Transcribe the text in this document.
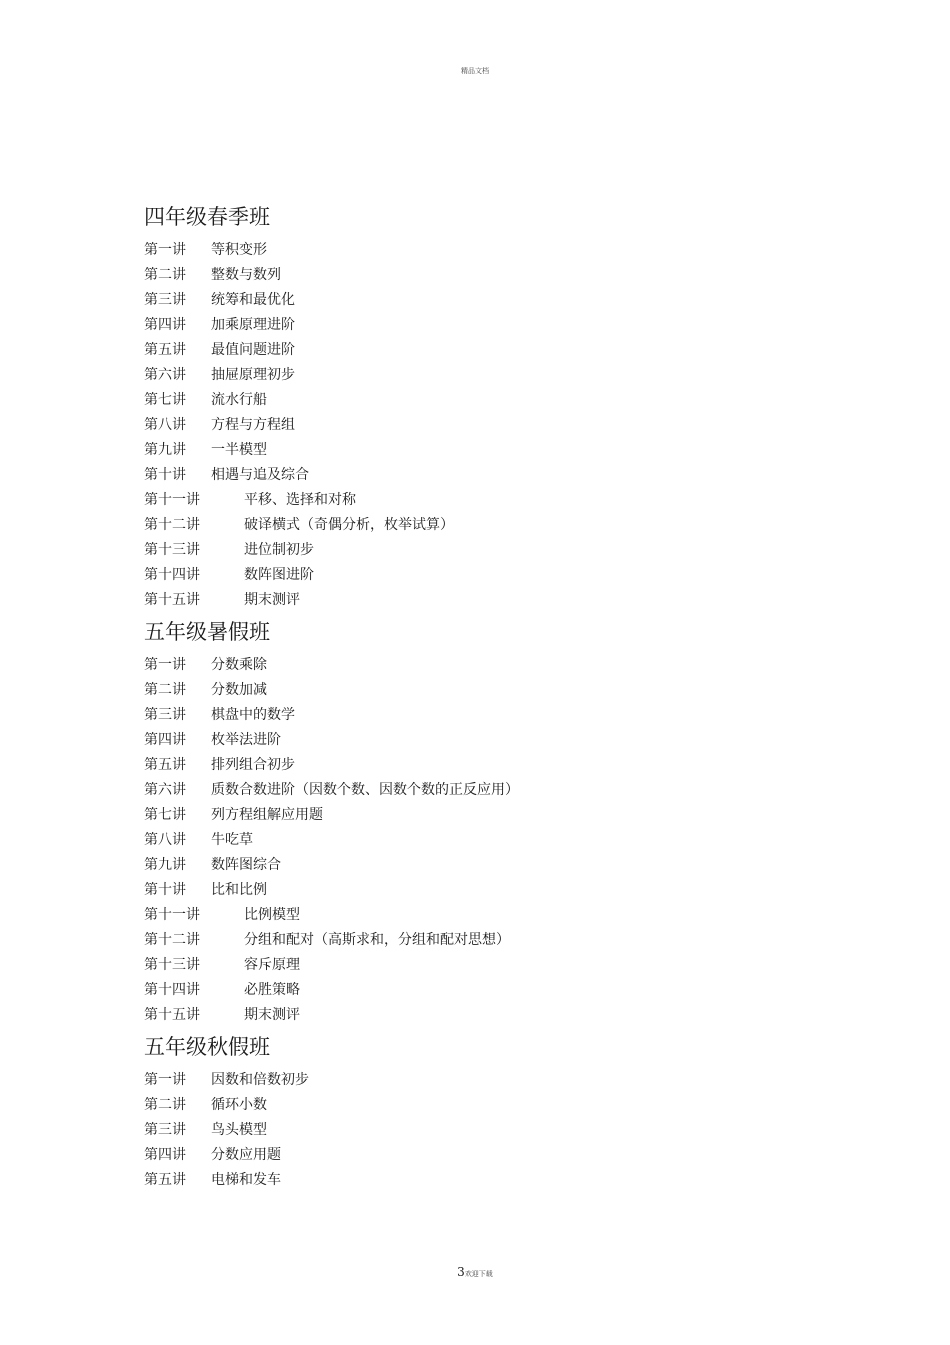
精品文档
四年级春季班
第一讲 等积变形
第二讲 整数与数列
第三讲 统筹和最优化
第四讲 加乘原理进阶
第五讲 最值问题进阶
第六讲 抽屉原理初步
第七讲 流水行船
第八讲 方程与方程组
第九讲 一半模型
第十讲 相遇与追及综合
第十一讲	平移、选择和对称
第十二讲	破译横式（奇偶分析，枚举试算）
第十三讲	进位制初步
第十四讲	数阵图进阶
第十五讲	期末测评
五年级暑假班
第一讲 分数乘除
第二讲 分数加减
第三讲 棋盘中的数学
第四讲 枚举法进阶
第五讲 排列组合初步
第六讲 质数合数进阶（因数个数、因数个数的正反应用）
第七讲 列方程组解应用题
第八讲 牛吃草
第九讲 数阵图综合
第十讲 比和比例
第十一讲	比例模型
第十二讲	分组和配对（高斯求和，分组和配对思想）
第十三讲	容斥原理
第十四讲	必胜策略
第十五讲	期末测评
五年级秋假班
第一讲 因数和倍数初步
第二讲 循环小数
第三讲 鸟头模型
第四讲 分数应用题
第五讲 电梯和发车
3欢迎下载
